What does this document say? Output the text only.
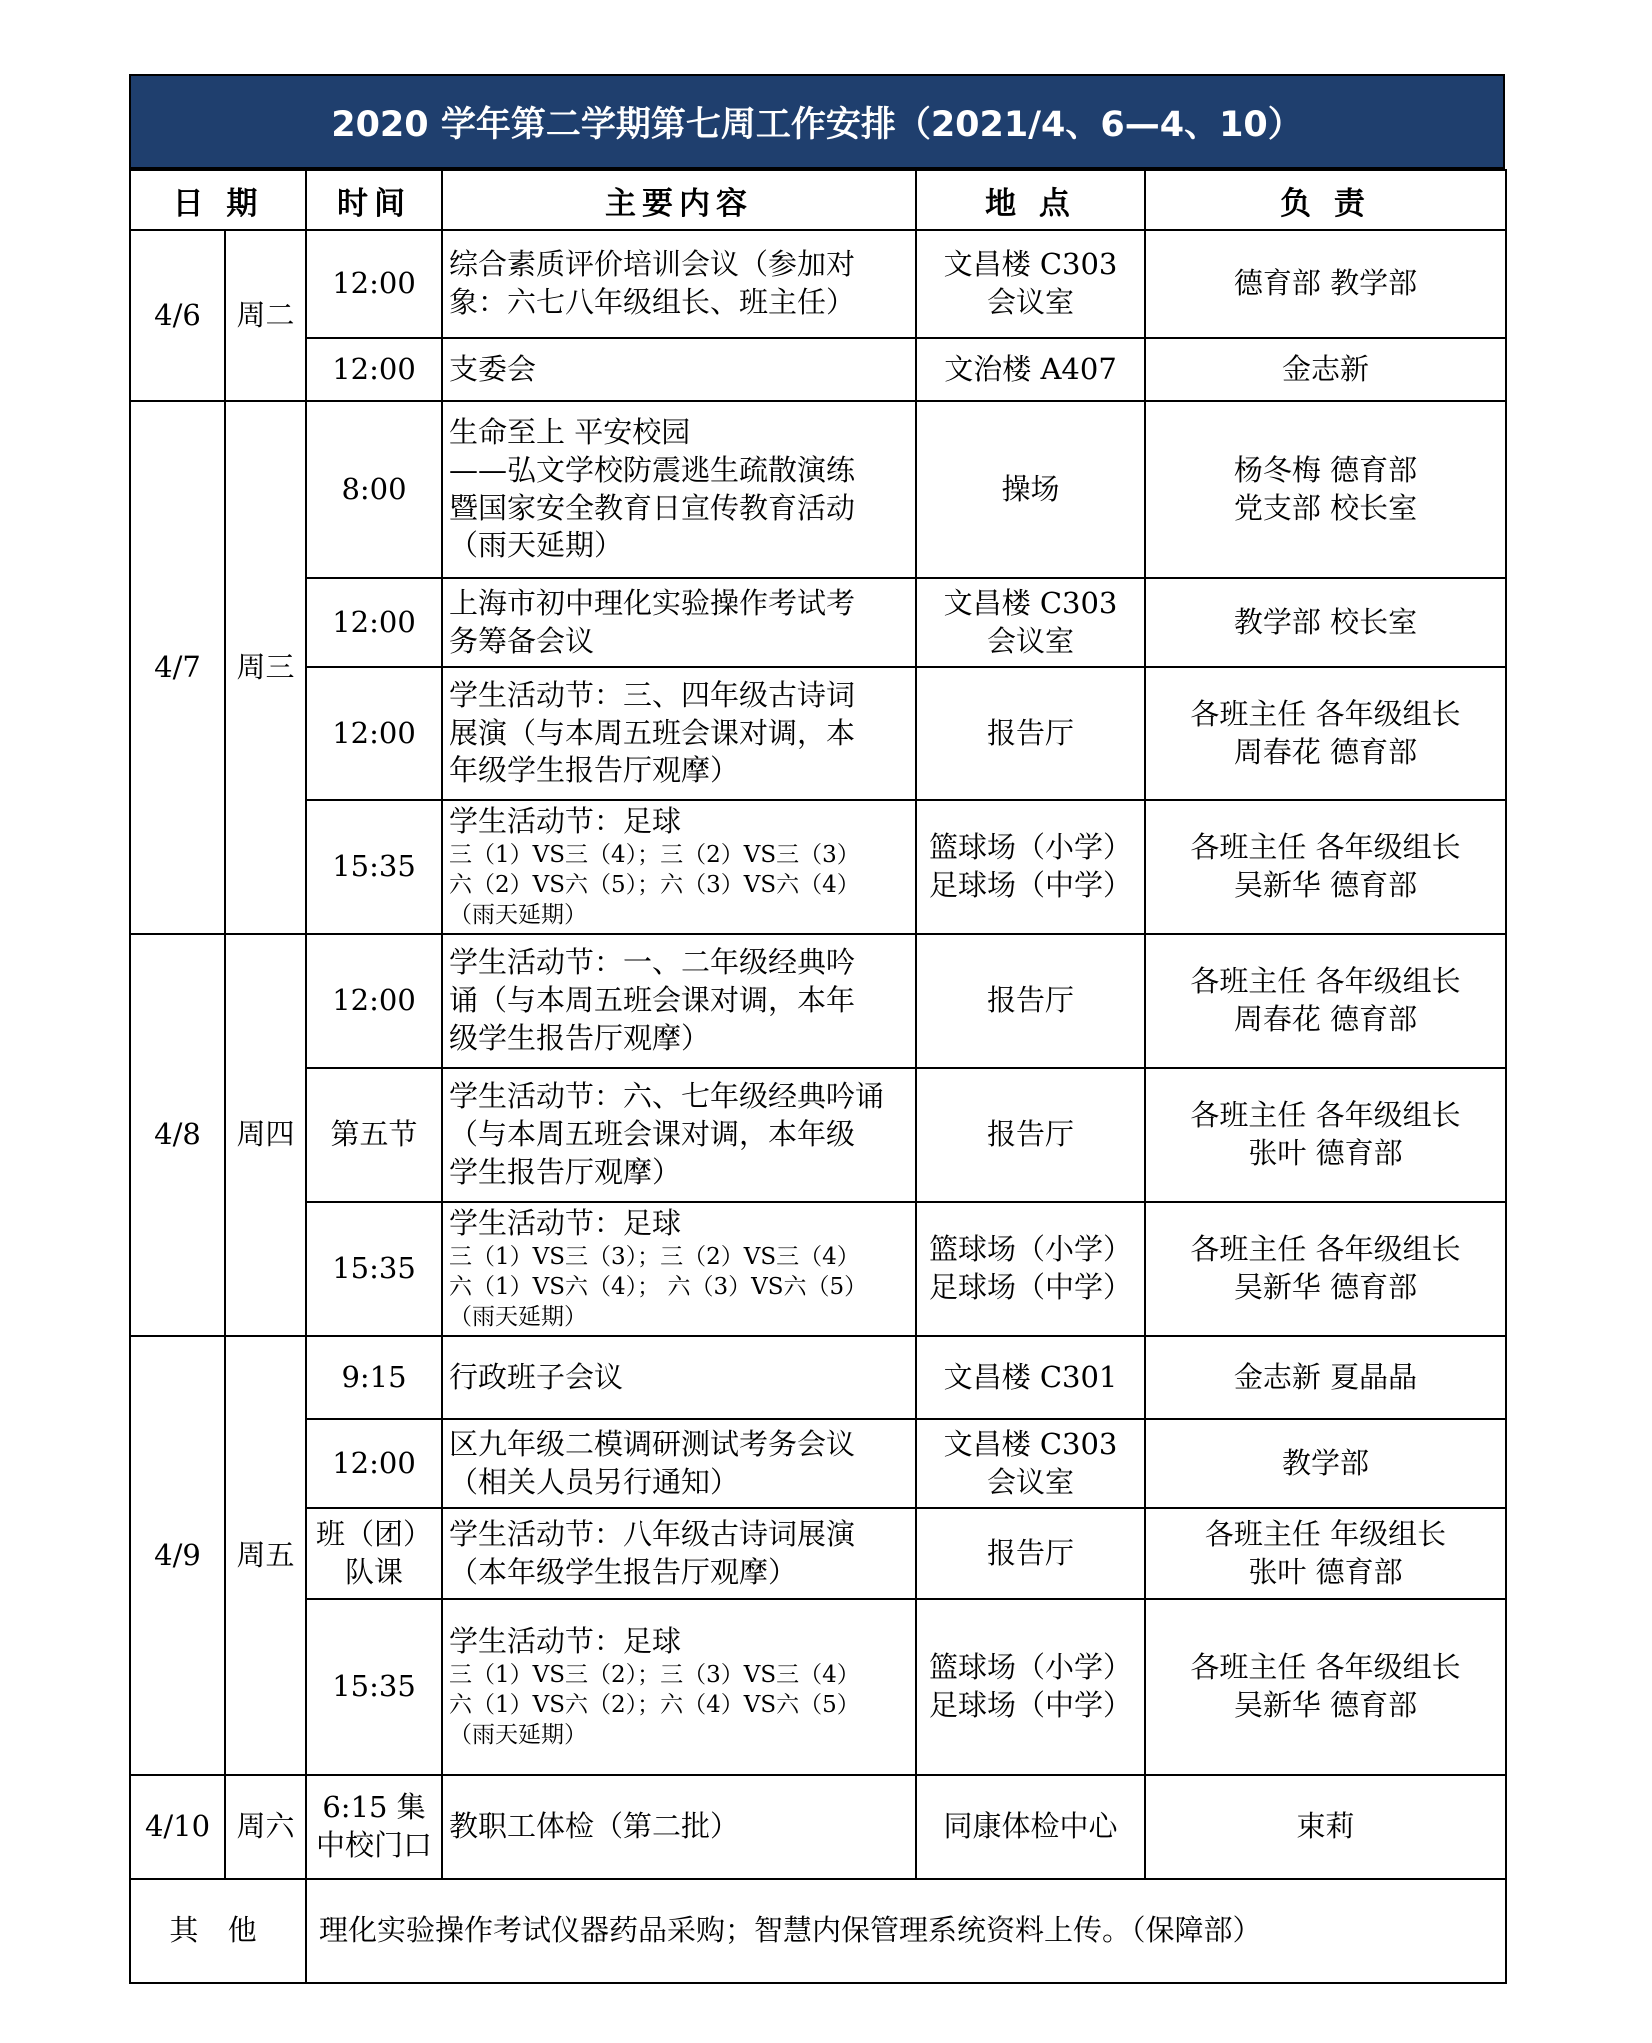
2020 学年第二学期第七周工作安排（2021/4、6—4、10）
日 期		时间	主要内容	地 点	负 责

4/6	周二	12:00	综合素质评价培训会议（参加对
象：六七八年级组长、班主任）	文昌楼 C303
会议室	德育部 教学部

		12:00	支委会	文治楼 A407	金志新

4/7	周三	8:00	生命至上 平安校园
——弘文学校防震逃生疏散演练
暨国家安全教育日宣传教育活动
（雨天延期）	操场	杨冬梅 德育部
党支部 校长室

		12:00	上海市初中理化实验操作考试考
务筹备会议	文昌楼 C303
会议室	教学部 校长室

		12:00	学生活动节：三、四年级古诗词
展演（与本周五班会课对调，本
年级学生报告厅观摩）	报告厅	各班主任 各年级组长
周春花 德育部

		15:35	学生活动节：足球
三（1）VS三（4）；三（2）VS三（3）
六（2）VS六（5）；六（3）VS六（4）
（雨天延期）	篮球场（小学）
足球场（中学）	各班主任 各年级组长
吴新华 德育部

4/8	周四	12:00	学生活动节：一、二年级经典吟
诵（与本周五班会课对调，本年
级学生报告厅观摩）	报告厅	各班主任 各年级组长
周春花 德育部

		第五节	学生活动节：六、七年级经典吟诵
（与本周五班会课对调，本年级
学生报告厅观摩）	报告厅	各班主任 各年级组长
张叶 德育部

		15:35	学生活动节：足球
三（1）VS三（3）；三（2）VS三（4）
六（1）VS六（4）； 六（3）VS六（5）
（雨天延期）	篮球场（小学）
足球场（中学）	各班主任 各年级组长
吴新华 德育部

4/9	周五	9:15	行政班子会议	文昌楼 C301	金志新 夏晶晶

		12:00	区九年级二模调研测试考务会议
（相关人员另行通知）	文昌楼 C303
会议室	教学部

		班（团）队课	学生活动节：八年级古诗词展演
（本年级学生报告厅观摩）	报告厅	各班主任 年级组长
张叶 德育部

		15:35	学生活动节：足球
三（1）VS三（2）；三（3）VS三（4）
六（1）VS六（2）；六（4）VS六（5）
（雨天延期）	篮球场（小学）
足球场（中学）	各班主任 各年级组长
吴新华 德育部

4/10	周六	6:15 集中校门口	教职工体检（第二批）	同康体检中心	束莉

其 他		理化实验操作考试仪器药品采购；智慧内保管理系统资料上传。（保障部）			
